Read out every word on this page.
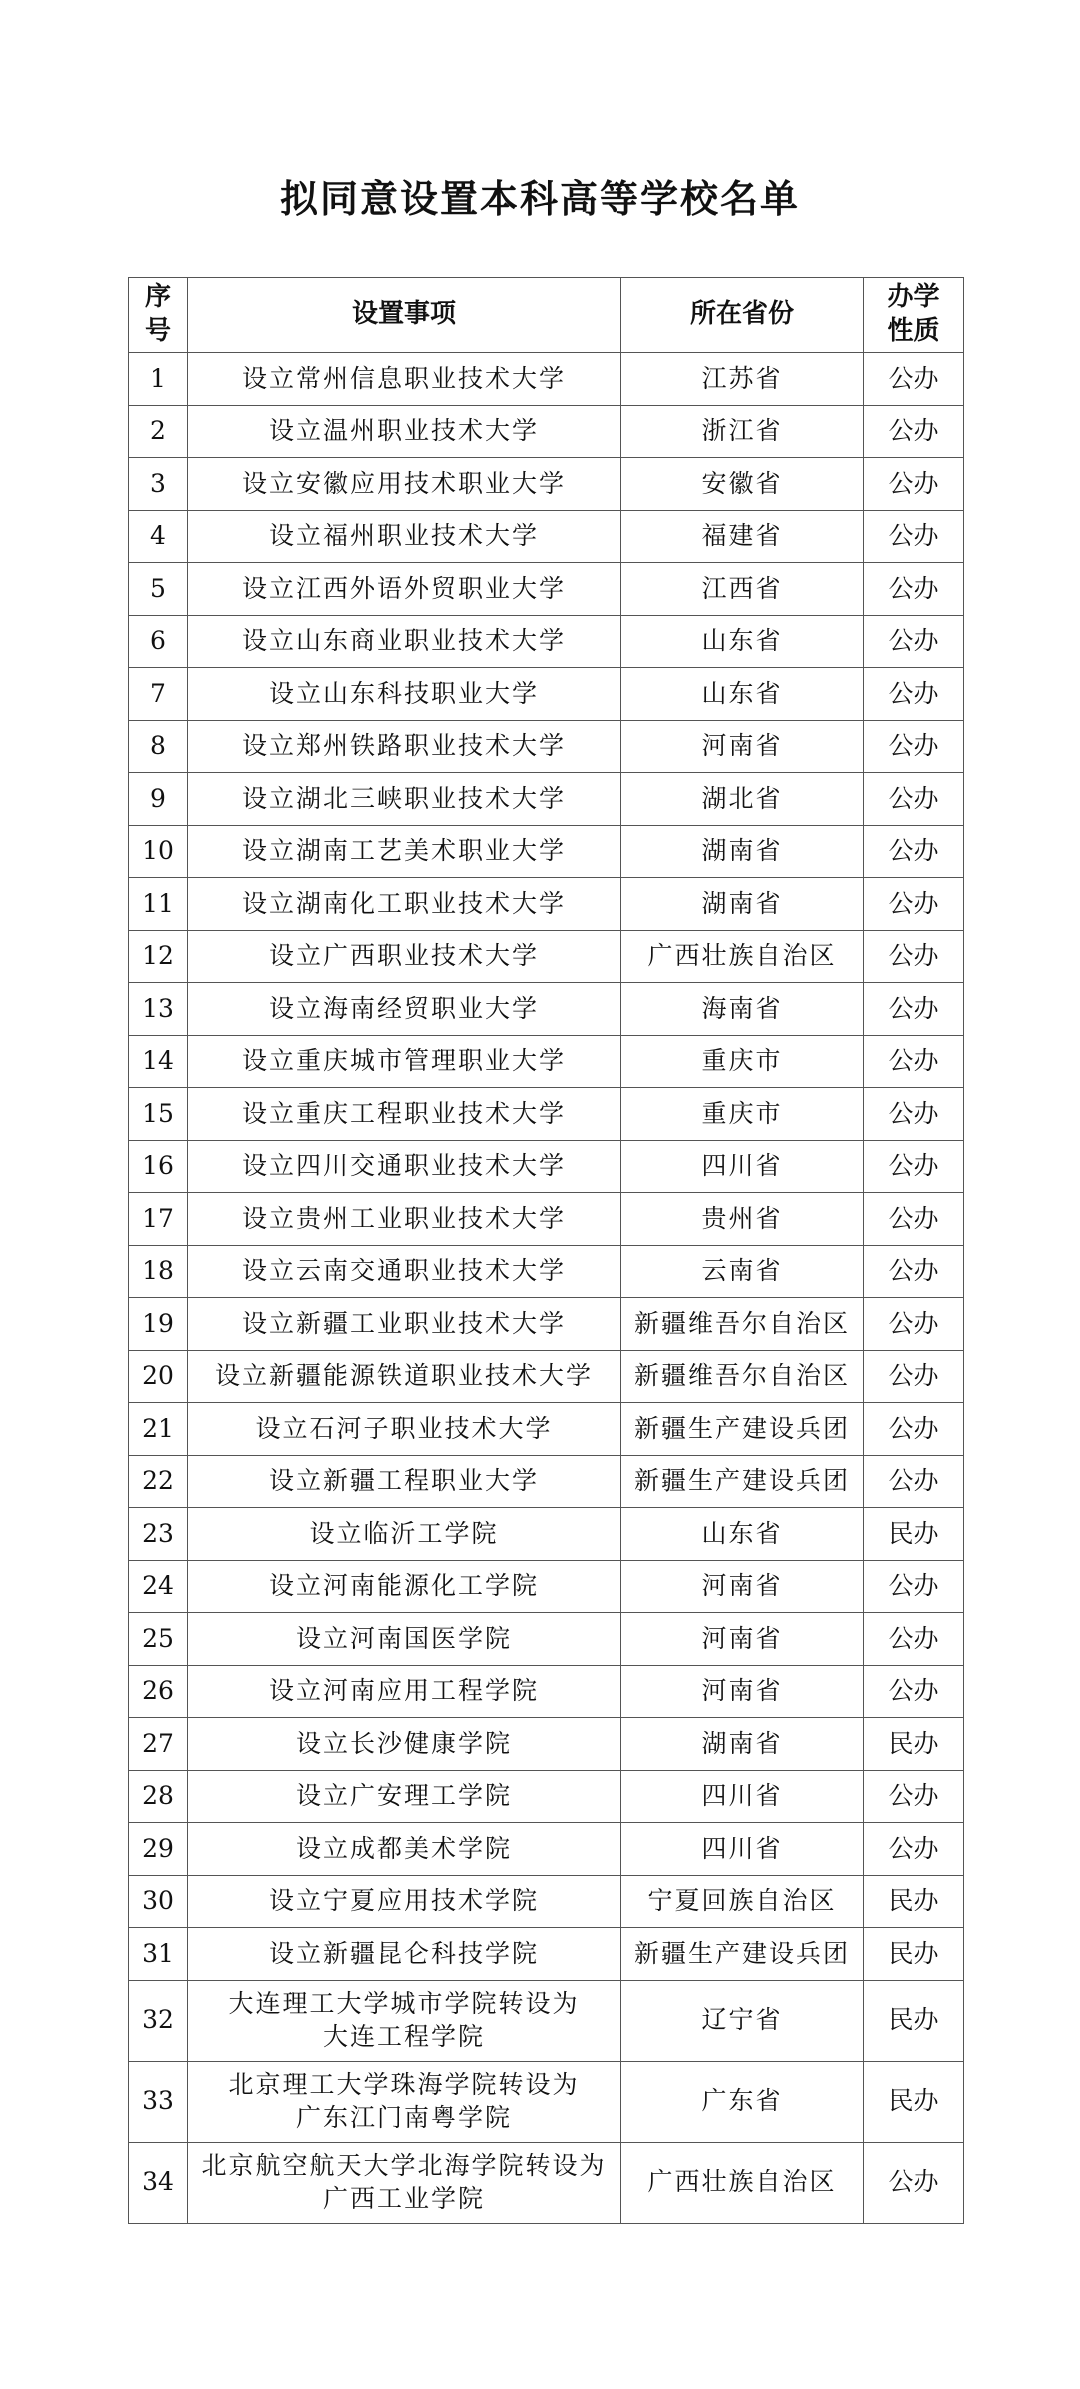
拟同意设置本科高等学校名单
序
号	设置事项	所在省份	办学
性质

1	设立常州信息职业技术大学	江苏省	公办
2	设立温州职业技术大学	浙江省	公办
3	设立安徽应用技术职业大学	安徽省	公办
4	设立福州职业技术大学	福建省	公办
5	设立江西外语外贸职业大学	江西省	公办
6	设立山东商业职业技术大学	山东省	公办
7	设立山东科技职业大学	山东省	公办
8	设立郑州铁路职业技术大学	河南省	公办
9	设立湖北三峡职业技术大学	湖北省	公办
10	设立湖南工艺美术职业大学	湖南省	公办
11	设立湖南化工职业技术大学	湖南省	公办
12	设立广西职业技术大学	广西壮族自治区	公办
13	设立海南经贸职业大学	海南省	公办
14	设立重庆城市管理职业大学	重庆市	公办
15	设立重庆工程职业技术大学	重庆市	公办
16	设立四川交通职业技术大学	四川省	公办
17	设立贵州工业职业技术大学	贵州省	公办
18	设立云南交通职业技术大学	云南省	公办
19	设立新疆工业职业技术大学	新疆维吾尔自治区	公办
20	设立新疆能源铁道职业技术大学	新疆维吾尔自治区	公办
21	设立石河子职业技术大学	新疆生产建设兵团	公办
22	设立新疆工程职业大学	新疆生产建设兵团	公办
23	设立临沂工学院	山东省	民办
24	设立河南能源化工学院	河南省	公办
25	设立河南国医学院	河南省	公办
26	设立河南应用工程学院	河南省	公办
27	设立长沙健康学院	湖南省	民办
28	设立广安理工学院	四川省	公办
29	设立成都美术学院	四川省	公办
30	设立宁夏应用技术学院	宁夏回族自治区	民办
31	设立新疆昆仑科技学院	新疆生产建设兵团	民办
32	大连理工大学城市学院转设为
大连工程学院	辽宁省	民办
33	北京理工大学珠海学院转设为
广东江门南粤学院	广东省	民办
34	北京航空航天大学北海学院转设为
广西工业学院	广西壮族自治区	公办
